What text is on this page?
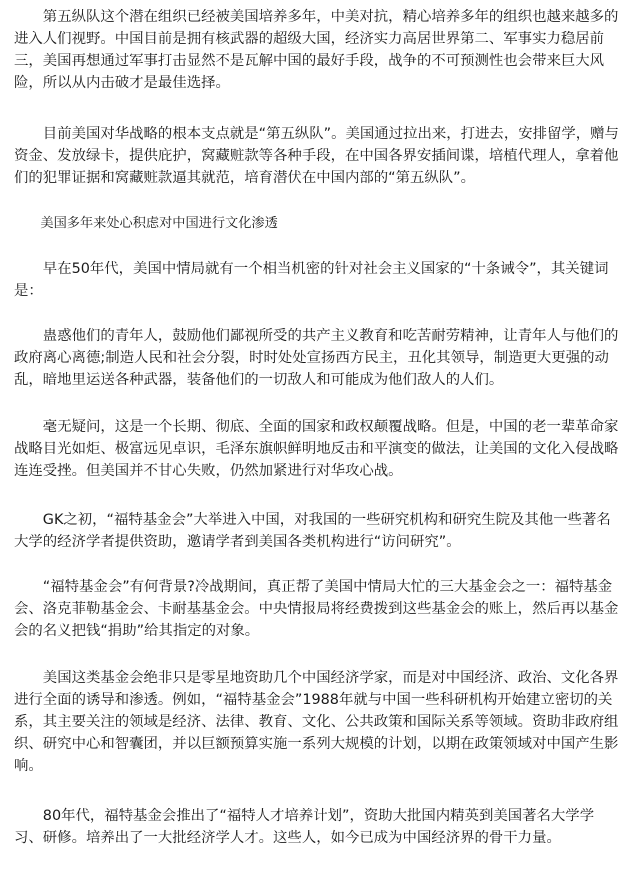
第五纵队这个潜在组织已经被美国培养多年，中美对抗，精心培养多年的组织也越来越多的进入人们视野。中国目前是拥有核武器的超级大国，经济实力高居世界第二、军事实力稳居前三，美国再想通过军事打击显然不是瓦解中国的最好手段，战争的不可预测性也会带来巨大风险，所以从内击破才是最佳选择。

目前美国对华战略的根本支点就是“第五纵队”。美国通过拉出来，打进去，安排留学，赠与资金、发放绿卡，提供庇护，窝藏赃款等各种手段，在中国各界安插间谍，培植代理人，拿着他们的犯罪证据和窝藏赃款逼其就范，培育潜伏在中国内部的“第五纵队”。

美国多年来处心积虑对中国进行文化渗透

早在50年代，美国中情局就有一个相当机密的针对社会主义国家的“十条诫令”，其关键词是：

蛊惑他们的青年人，鼓励他们鄙视所受的共产主义教育和吃苦耐劳精神，让青年人与他们的政府离心离德;制造人民和社会分裂，时时处处宣扬西方民主，丑化其领导，制造更大更强的动乱，暗地里运送各种武器，装备他们的一切敌人和可能成为他们敌人的人们。

毫无疑问，这是一个长期、彻底、全面的国家和政权颠覆战略。但是，中国的老一辈革命家战略目光如炬、极富远见卓识，毛泽东旗帜鲜明地反击和平演变的做法，让美国的文化入侵战略连连受挫。但美国并不甘心失败，仍然加紧进行对华攻心战。

GK之初，“福特基金会”大举进入中国，对我国的一些研究机构和研究生院及其他一些著名大学的经济学者提供资助，邀请学者到美国各类机构进行“访问研究”。

“福特基金会”有何背景?冷战期间，真正帮了美国中情局大忙的三大基金会之一：福特基金会、洛克菲勒基金会、卡耐基基金会。中央情报局将经费拨到这些基金会的账上，然后再以基金会的名义把钱“捐助”给其指定的对象。

美国这类基金会绝非只是零星地资助几个中国经济学家，而是对中国经济、政治、文化各界进行全面的诱导和渗透。例如，“福特基金会”1988年就与中国一些科研机构开始建立密切的关系，其主要关注的领域是经济、法律、教育、文化、公共政策和国际关系等领域。资助非政府组织、研究中心和智囊团，并以巨额预算实施一系列大规模的计划，以期在政策领域对中国产生影响。

80年代，福特基金会推出了“福特人才培养计划”，资助大批国内精英到美国著名大学学习、研修。培养出了一大批经济学人才。这些人，如今已成为中国经济界的骨干力量。
